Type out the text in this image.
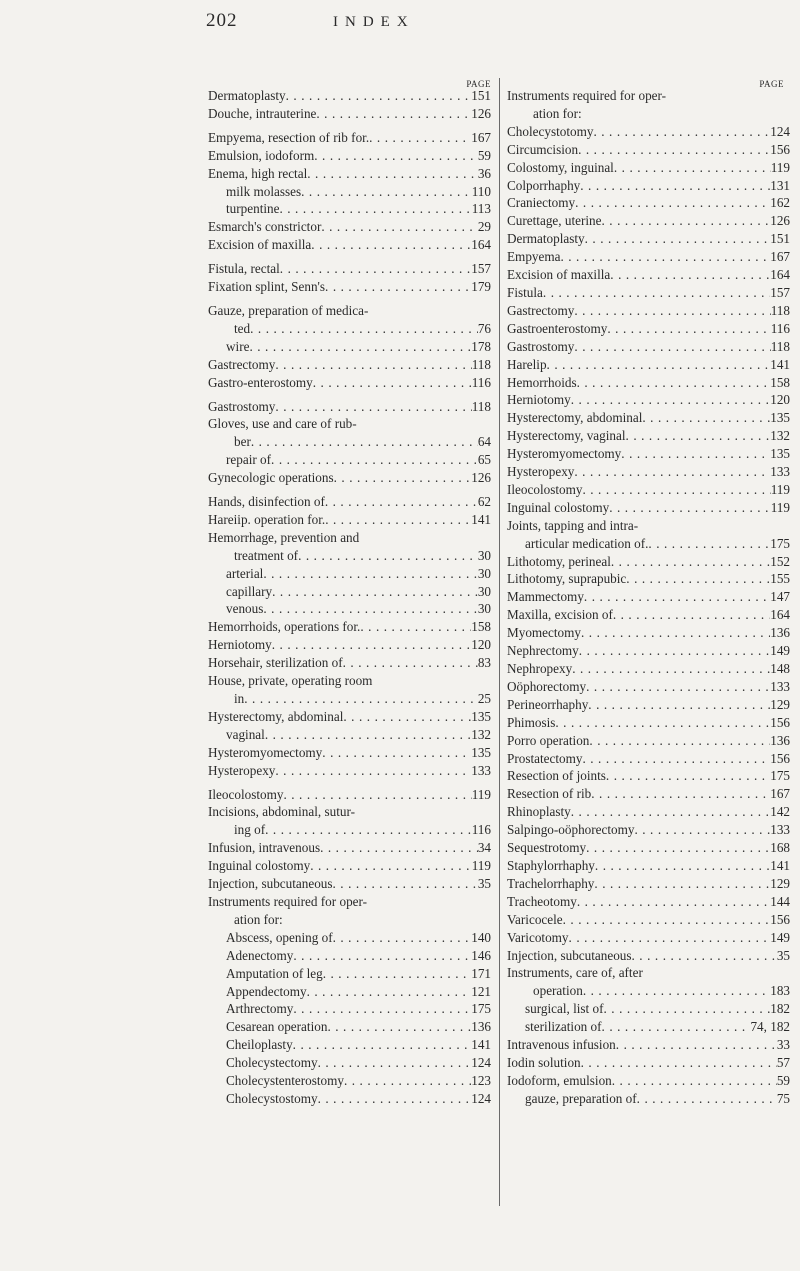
202	INDEX
PAGE
Dermatoplasty . . .	151
Douche, intrauterine . . .	126
Empyema, resection of rib for. . . .	167
Emulsion, iodoform . . .	59
Enema, high rectal . . .	36
milk molasses . . .	110
turpentine . . .	113
Esmarch's constrictor . . .	29
Excision of maxilla . . .	164
Fistula, rectal . . .	157
Fixation splint, Senn's . . .	179
Gauze, preparation of medica-
ted . . .	76
wire . . .	178
Gastrectomy . . .	118
Gastro-enterostomy . . .	116
Gastrostomy . . .	118
Gloves, use and care of rub-
ber . . .	64
repair of . . .	65
Gynecologic operations . . .	126
Hands, disinfection of . . .	62
Hareiip. operation for. . . .	141
Hemorrhage, prevention and
treatment of . . .	30
arterial . . .	30
capillary . . .	30
venous . . .	30
Hemorrhoids, operations for. . . .	158
Herniotomy . . .	120
Horsehair, sterilization of . . .	83
House, private, operating room
in . . .	25
Hysterectomy, abdominal . . .	135
vaginal . . .	132
Hysteromyomectomy . . .	135
Hysteropexy . . .	133
Ileocolostomy . . .	119
Incisions, abdominal, sutur-
ing of . . .	116
Infusion, intravenous . . .	34
Inguinal colostomy . . .	119
Injection, subcutaneous . . .	35
Instruments required for oper-
ation for:
Abscess, opening of . . .	140
Adenectomy . . .	146
Amputation of leg . . .	171
Appendectomy . . .	121
Arthrectomy . . .	175
Cesarean operation . . .	136
Cheiloplasty . . .	141
Cholecystectomy . . .	124
Cholecystenterostomy . . .	123
Cholecystostomy . . .	124
PAGE
Instruments required for oper-
ation for:
Cholecystotomy . . .	124
Circumcision . . .	156
Colostomy, inguinal . . .	119
Colporrhaphy . . .	131
Craniectomy . . .	162
Curettage, uterine . . .	126
Dermatoplasty . . .	151
Empyema . . .	167
Excision of maxilla . . .	164
Fistula . . .	157
Gastrectomy . . .	118
Gastroenterostomy . . .	116
Gastrostomy . . .	118
Harelip . . .	141
Hemorrhoids . . .	158
Herniotomy . . .	120
Hysterectomy, abdominal . . .	135
Hysterectomy, vaginal . . .	132
Hysteromyomectomy . . .	135
Hysteropexy . . .	133
Ileocolostomy . . .	119
Inguinal colostomy . . .	119
Joints, tapping and intra-
articular medication of. . . .	175
Lithotomy, perineal . . .	152
Lithotomy, suprapubic . . .	155
Mammectomy . . .	147
Maxilla, excision of . . .	164
Myomectomy . . .	136
Nephrectomy . . .	149
Nephropexy . . .	148
Oöphorectomy . . .	133
Perineorrhaphy . . .	129
Phimosis . . .	156
Porro operation . . .	136
Prostatectomy . . .	156
Resection of joints . . .	175
Resection of rib . . .	167
Rhinoplasty . . .	142
Salpingo-oöphorectomy . . .	133
Sequestrotomy . . .	168
Staphylorrhaphy . . .	141
Trachelorrhaphy . . .	129
Tracheotomy . . .	144
Varicocele . . .	156
Varicotomy . . .	149
Injection, subcutaneous . . .	35
Instruments, care of, after
operation . . .	183
surgical, list of . . .	182
sterilization of . . .	74, 182
Intravenous infusion . . .	33
Iodin solution . . .	57
Iodoform, emulsion . . .	59
gauze, preparation of . . .	75
